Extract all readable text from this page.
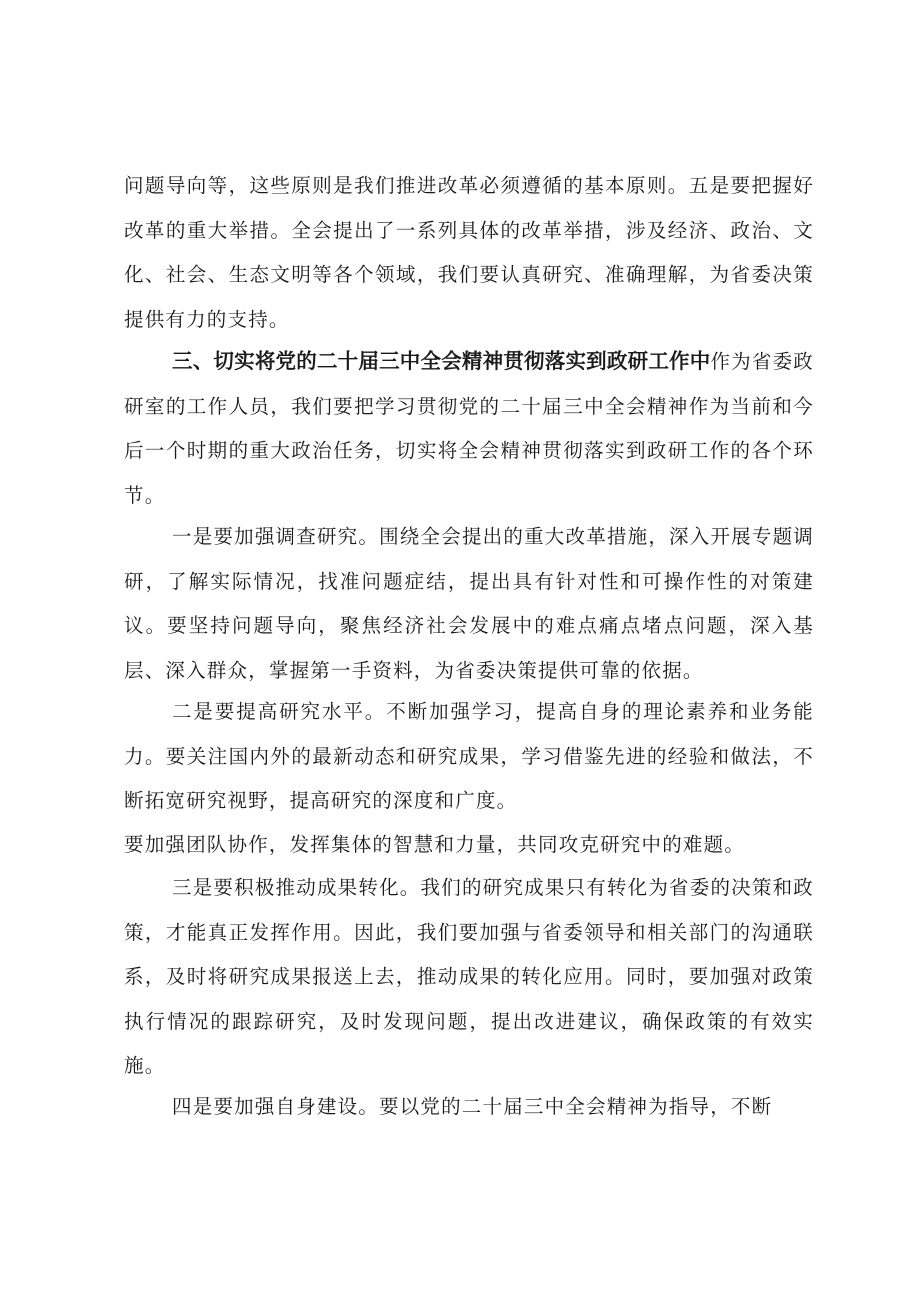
问题导向等，这些原则是我们推进改革必须遵循的基本原则。五是要把握好改革的重大举措。全会提出了一系列具体的改革举措，涉及经济、政治、文化、社会、生态文明等各个领域，我们要认真研究、准确理解，为省委决策提供有力的支持。

三、切实将党的二十届三中全会精神贯彻落实到政研工作中作为省委政研室的工作人员，我们要把学习贯彻党的二十届三中全会精神作为当前和今后一个时期的重大政治任务，切实将全会精神贯彻落实到政研工作的各个环节。

一是要加强调查研究。围绕全会提出的重大改革措施，深入开展专题调研，了解实际情况，找准问题症结，提出具有针对性和可操作性的对策建议。要坚持问题导向，聚焦经济社会发展中的难点痛点堵点问题，深入基层、深入群众，掌握第一手资料，为省委决策提供可靠的依据。

二是要提高研究水平。不断加强学习，提高自身的理论素养和业务能力。要关注国内外的最新动态和研究成果，学习借鉴先进的经验和做法，不断拓宽研究视野，提高研究的深度和广度。

要加强团队协作，发挥集体的智慧和力量，共同攻克研究中的难题。

三是要积极推动成果转化。我们的研究成果只有转化为省委的决策和政策，才能真正发挥作用。因此，我们要加强与省委领导和相关部门的沟通联系，及时将研究成果报送上去，推动成果的转化应用。同时，要加强对政策执行情况的跟踪研究，及时发现问题，提出改进建议，确保政策的有效实施。

四是要加强自身建设。要以党的二十届三中全会精神为指导，不断
